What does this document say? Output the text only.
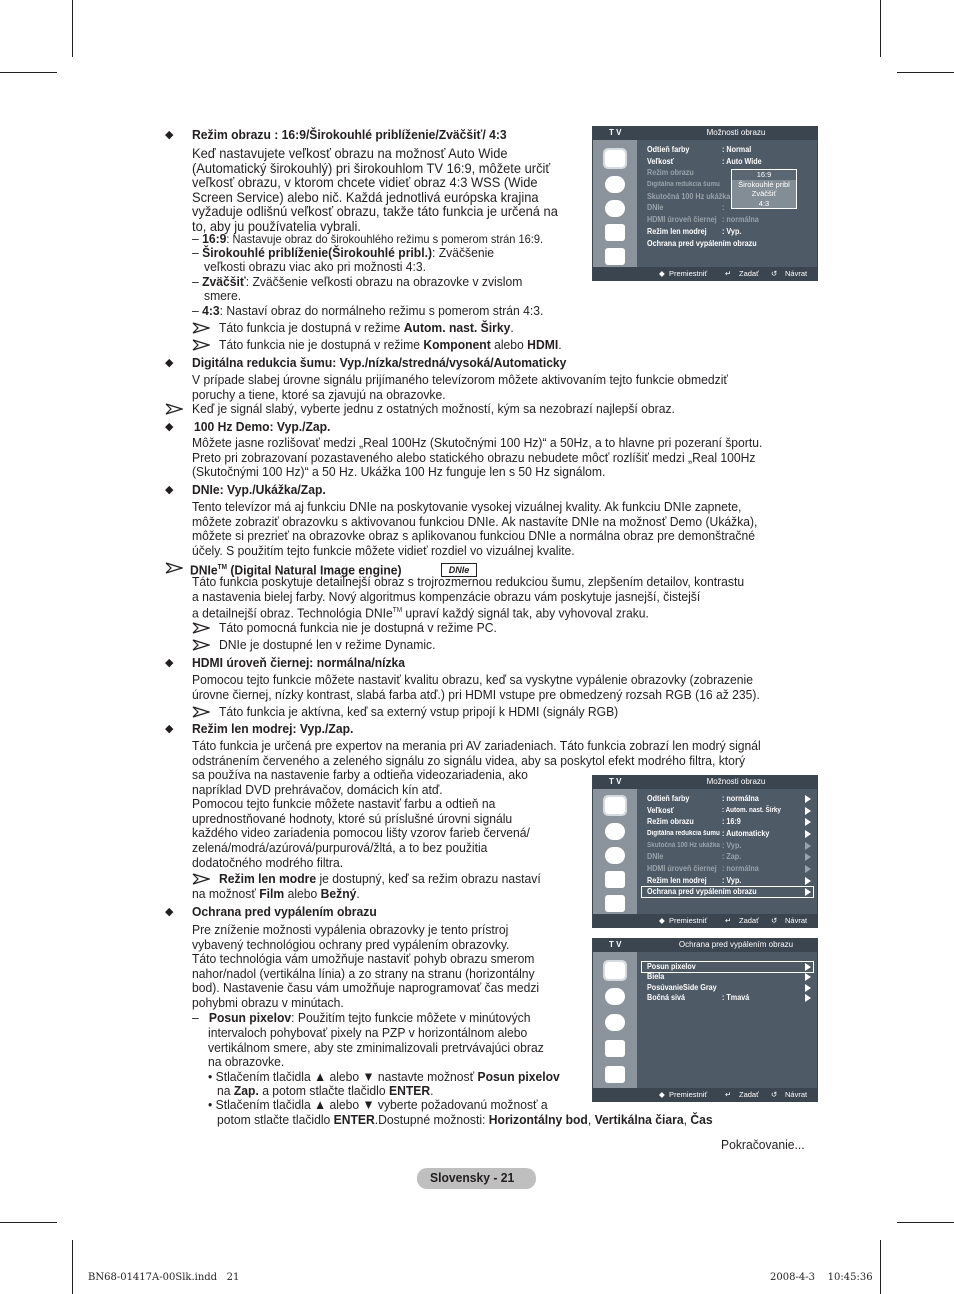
◆ Režim obrazu : 16:9/Širokouhlé priblíženie/Zväčšiť/ 4:3
Keď nastavujete veľkosť obrazu na možnosť Auto Wide
(Automatický širokouhlý) pri širokouhlom TV 16:9, môžete určiť
veľkosť obrazu, v ktorom chcete vidieť obraz 4:3 WSS (Wide
Screen Service) alebo nič. Každá jednotlivá európska krajina
vyžaduje odlišnú veľkosť obrazu, takže táto funkcia je určená na
to, aby ju používatelia vybrali.
– 16:9: Nastavuje obraz do širokouhlého režimu s pomerom strán 16:9.
– Širokouhlé priblíženie(Širokouhlé pribl.): Zväčšenie
veľkosti obrazu viac ako pri možnosti 4:3.
– Zväčšiť: Zväčšenie veľkosti obrazu na obrazovke v zvislom
smere.
– 4:3: Nastaví obraz do normálneho režimu s pomerom strán 4:3.
Táto funkcia je dostupná v režime Autom. nast. Širky.
Táto funkcia nie je dostupná v režime Komponent alebo HDMI.
◆ Digitálna redukcia šumu: Vyp./nízka/stredná/vysoká/Automaticky
V prípade slabej úrovne signálu prijímaného televízorom môžete aktivovaním tejto funkcie obmedziť
poruchy a tiene, ktoré sa zjavujú na obrazovke.
Keď je signál slabý, vyberte jednu z ostatných možností, kým sa nezobrazí najlepší obraz.
◆ 100 Hz Demo: Vyp./Zap.
Môžete jasne rozlišovať medzi „Real 100Hz (Skutočnými 100 Hz)“ a 50Hz, a to hlavne pri pozeraní športu.
Preto pri zobrazovaní pozastaveného alebo statického obrazu nebudete môcť rozlíšiť medzi „Real 100Hz
(Skutočnými 100 Hz)“ a 50 Hz. Ukážka 100 Hz funguje len s 50 Hz signálom.
◆ DNIe: Vyp./Ukážka/Zap.
Tento televízor má aj funkciu DNIe na poskytovanie vysokej vizuálnej kvality. Ak funkciu DNIe zapnete,
môžete zobraziť obrazovku s aktivovanou funkciou DNIe. Ak nastavíte DNIe na možnosť Demo (Ukážka),
môžete si prezrieť na obrazovke obraz s aplikovanou funkciou DNIe a normálna obraz pre demonštračné
účely. S použitím tejto funkcie môžete vidieť rozdiel vo vizuálnej kvalite.
DNIe™ (Digital Natural Image engine)	DNIe
Táto funkcia poskytuje detailnejší obraz s trojrozmernou redukciou šumu, zlepšením detailov, kontrastu
a nastavenia bielej farby. Nový algoritmus kompenzácie obrazu vám poskytuje jasnejší, čistejší
a detailnejší obraz. Technológia DNIe™ upraví každý signál tak, aby vyhovoval zraku.
Táto pomocná funkcia nie je dostupná v režime PC.
DNIe je dostupné len v režime Dynamic.
◆ HDMI úroveň čiernej: normálna/nízka
Pomocou tejto funkcie môžete nastaviť kvalitu obrazu, keď sa vyskytne vypálenie obrazovky (zobrazenie
úrovne čiernej, nízky kontrast, slabá farba atď.) pri HDMI vstupe pre obmedzený rozsah RGB (16 až 235).
Táto funkcia je aktívna, keď sa externý vstup pripojí k HDMI (signály RGB)
◆ Režim len modrej: Vyp./Zap.
Táto funkcia je určená pre expertov na merania pri AV zariadeniach. Táto funkcia zobrazí len modrý signál
odstránením červeného a zeleného signálu zo signálu videa, aby sa poskytol efekt modrého filtra, ktorý
sa používa na nastavenie farby a odtieňa videozariadenia, ako
napríklad DVD prehrávačov, domácich kín atď.
Pomocou tejto funkcie môžete nastaviť farbu a odtieň na
uprednostňované hodnoty, ktoré sú príslušné úrovni signálu
každého video zariadenia pomocou lišty vzorov farieb červená/
zelená/modrá/azúrová/purpurová/žltá, a to bez použitia
dodatočného modrého filtra.
Režim len modre je dostupný, keď sa režim obrazu nastaví
na možnosť Film alebo Bežný.
◆ Ochrana pred vypálením obrazu
Pre zníženie možnosti vypálenia obrazovky je tento prístroj
vybavený technológiou ochrany pred vypálením obrazovky.
Táto technológia vám umožňuje nastaviť pohyb obrazu smerom
nahor/nadol (vertikálna línia) a zo strany na stranu (horizontálny
bod). Nastavenie času vám umožňuje naprogramovať čas medzi
pohybmi obrazu v minútach.
–   Posun pixelov: Použitím tejto funkcie môžete v minútových
intervaloch pohybovať pixely na PZP v horizontálnom alebo
vertikálnom smere, aby ste zminimalizovali pretrvávajúci obraz
na obrazovke.
• Stlačením tlačidla ▲ alebo ▼ nastavte možnosť Posun pixelov
na Zap. a potom stlačte tlačidlo ENTER.
• Stlačením tlačidla ▲ alebo ▼ vyberte požadovanú možnosť a
potom stlačte tlačidlo ENTER.Dostupné možnosti: Horizontálny bod, Vertikálna čiara, Čas
Pokračovanie...
Slovensky - 21
BN68-01417A-00Slk.indd   21	2008-4-3    10:45:36
T V	Možnosti obrazu
Odtieň farby	: Normal
Veľkosť	: Auto Wide
Režim obrazu
Digitálna redukcia šumu
Skutočná 100 Hz ukážka
DNIe	:
HDMI úroveň čiernej : normálna
Režim len modrej : Vyp.
Ochrana pred vypálením obrazu
16:9
Širokouhlé pribl
Zväčšiť
4:3
◆ Premiestniť ↵ Zadať ↺ Návrat
T V	Možnosti obrazu
Odtieň farby	: normálna
Veľkosť	: Autom. nast. Šírky
Režim obrazu	: 16:9
Digitálna redukcia šumu : Automaticky
Skutočná 100 Hz ukážka : Vyp.
DNIe	: Zap.
HDMI úroveň čiernej : normálna
Režim len modrej : Vyp.
Ochrana pred vypálením obrazu
◆ Premiestniť ↵ Zadať ↺ Návrat
T V	Ochrana pred vypálením obrazu
Posun pixelov
Biela
PosúvanieSide Gray
Bočná sivá	: Tmavá
◆ Premiestniť ↵ Zadať ↺ Návrat
